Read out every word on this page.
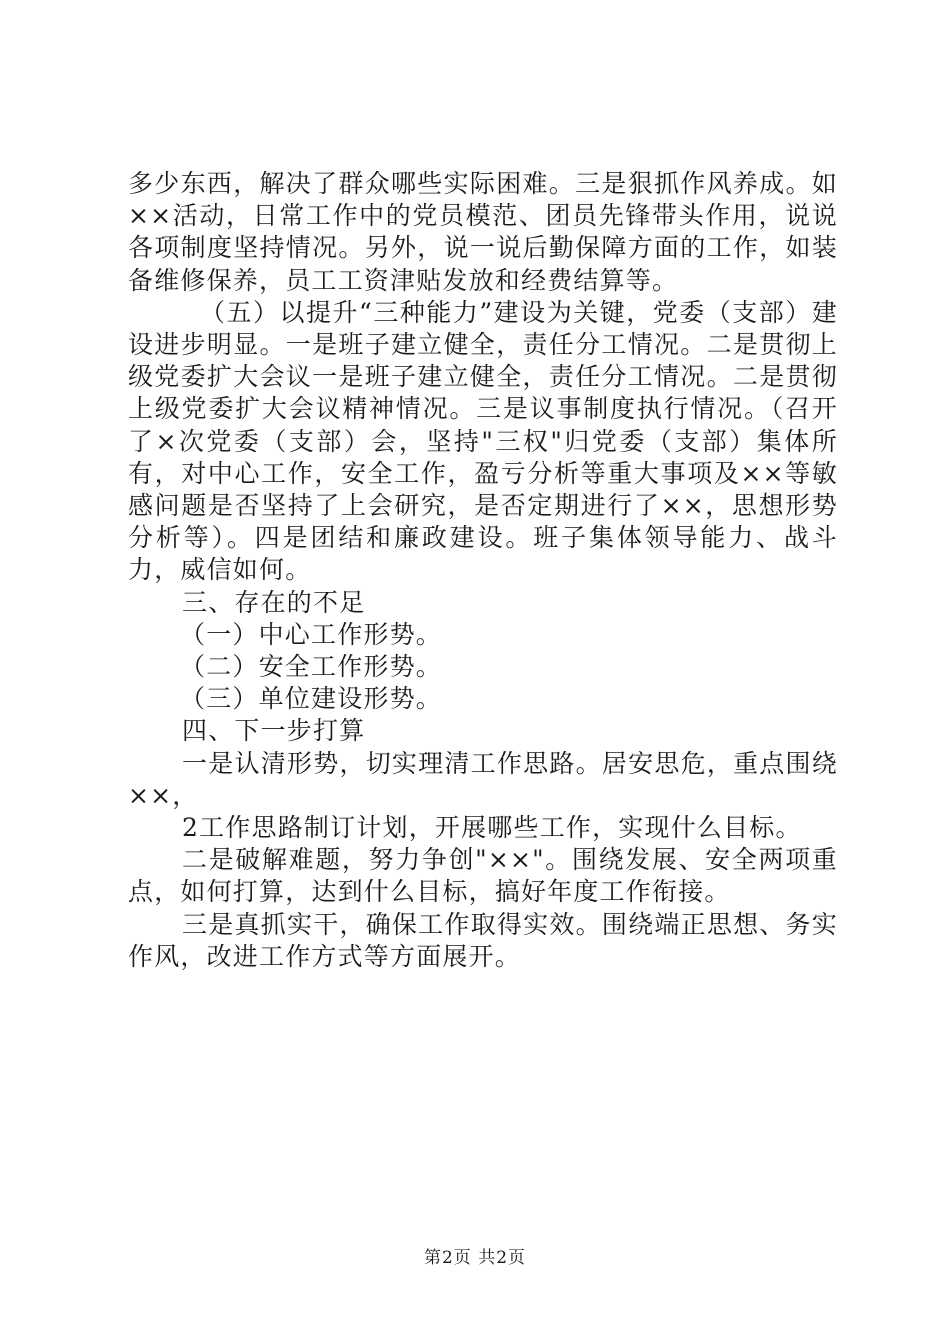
多少东西，解决了群众哪些实际困难。三是狠抓作风养成。如××活动，日常工作中的党员模范、团员先锋带头作用，说说各项制度坚持情况。另外，说一说后勤保障方面的工作，如装备维修保养，员工工资津贴发放和经费结算等。

（五）以提升“三种能力”建设为关键，党委（支部）建设进步明显。一是班子建立健全，责任分工情况。二是贯彻上级党委扩大会议一是班子建立健全，责任分工情况。二是贯彻上级党委扩大会议精神情况。三是议事制度执行情况。（召开了×次党委（支部）会，坚持"三权"归党委（支部）集体所有，对中心工作，安全工作，盈亏分析等重大事项及××等敏感问题是否坚持了上会研究，是否定期进行了××，思想形势分析等）。四是团结和廉政建设。班子集体领导能力、战斗力，威信如何。

三、存在的不足

（一）中心工作形势。

（二）安全工作形势。

（三）单位建设形势。

四、下一步打算

一是认清形势，切实理清工作思路。居安思危，重点围绕××，

2工作思路制订计划，开展哪些工作，实现什么目标。

二是破解难题，努力争创"××"。围绕发展、安全两项重点，如何打算，达到什么目标，搞好年度工作衔接。

三是真抓实干，确保工作取得实效。围绕端正思想、务实作风，改进工作方式等方面展开。

第2页 共2页
